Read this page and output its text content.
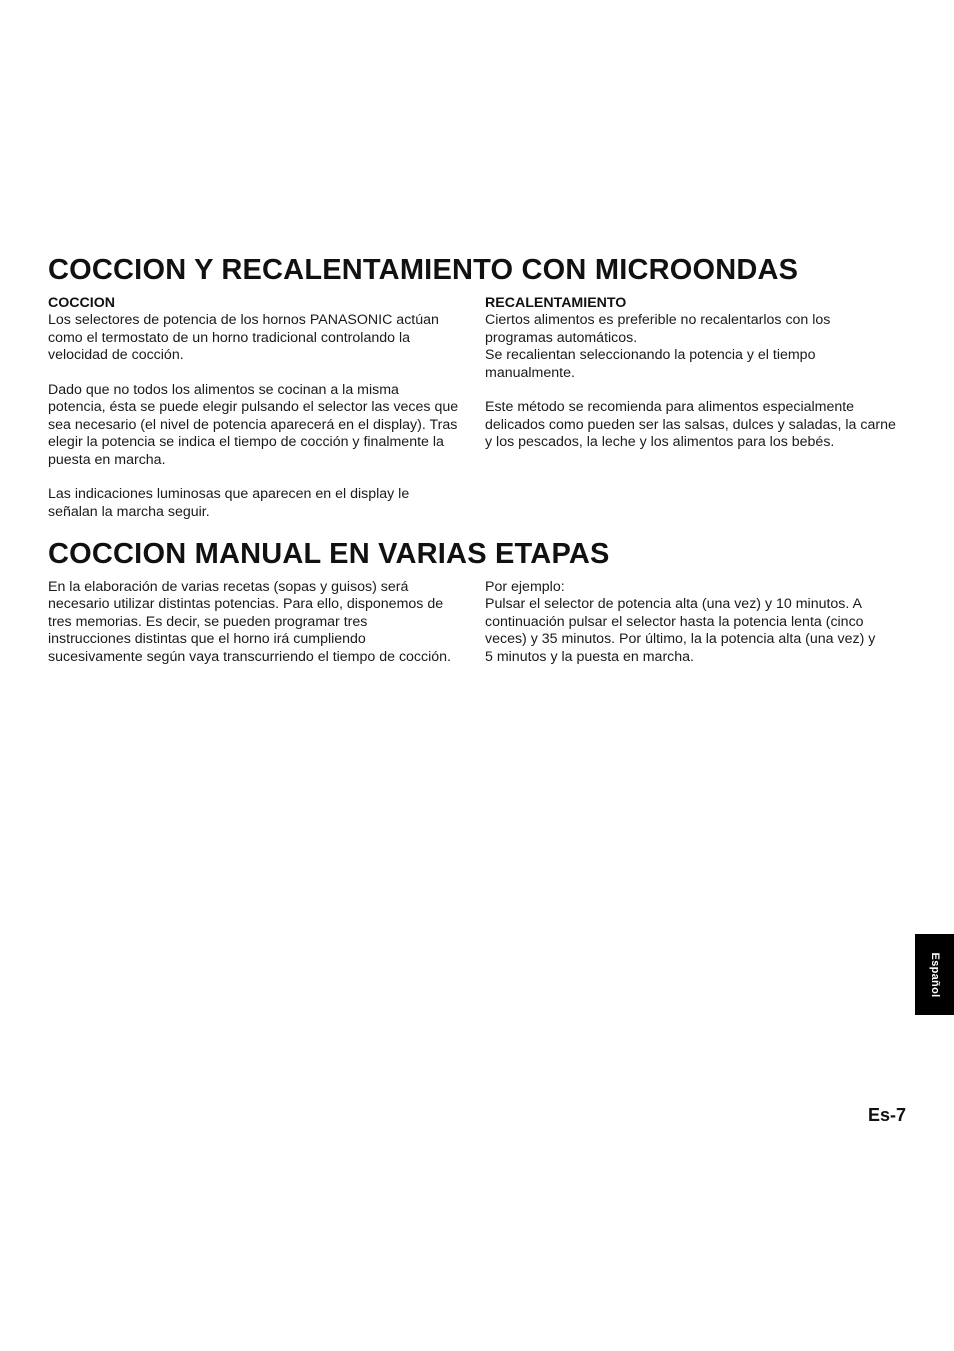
COCCION Y RECALENTAMIENTO CON MICROONDAS

COCCION

Los selectores de potencia de los hornos PANASONIC actúan
como el termostato de un horno tradicional controlando la
velocidad de cocción.

Dado que no todos los alimentos se cocinan a la misma
potencia, ésta se puede elegir pulsando el selector las veces que
sea necesario (el nivel de potencia aparecerá en el display). Tras
elegir la potencia se indica el tiempo de cocción y finalmente la
puesta en marcha.

Las indicaciones luminosas que aparecen en el display le
señalan la marcha seguir.

RECALENTAMIENTO

Ciertos alimentos es preferible no recalentarlos con los
programas automáticos.
Se recalientan seleccionando la potencia y el tiempo
manualmente.

Este método se recomienda para alimentos especialmente
delicados como pueden ser las salsas, dulces y saladas, la carne
y los pescados, la leche y los alimentos para los bebés.

COCCION MANUAL EN VARIAS ETAPAS

En la elaboración de varias recetas (sopas y guisos) será
necesario utilizar distintas potencias. Para ello, disponemos de
tres memorias. Es decir, se pueden programar tres
instrucciones distintas que el horno irá cumpliendo
sucesivamente según vaya transcurriendo el tiempo de cocción.

Por ejemplo:
Pulsar el selector de potencia alta (una vez) y 10 minutos. A
continuación pulsar el selector hasta la potencia lenta (cinco
veces) y 35 minutos. Por último, la la potencia alta (una vez) y
5 minutos y la puesta en marcha.

Español
Es-7
